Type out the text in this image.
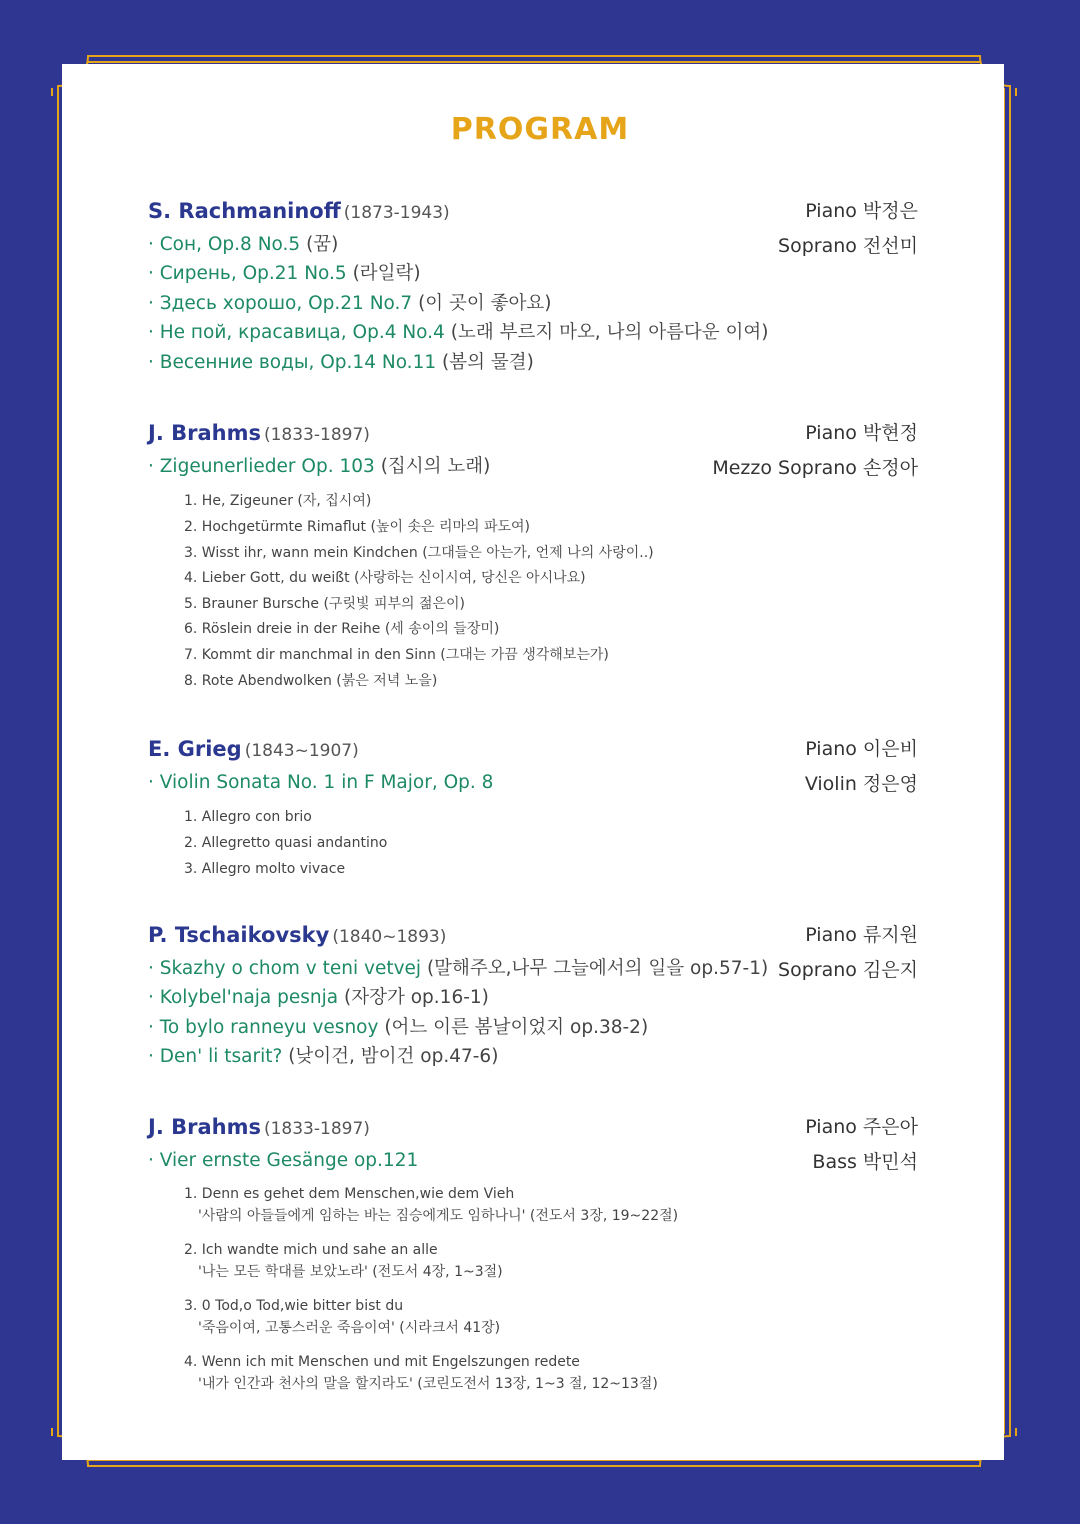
PROGRAM

S. Rachmaninoff (1873-1943)	Piano 박정은
Soprano 전선미
· Сон, Op.8 No.5 (꿈)
· Сирень, Op.21 No.5 (라일락)
· Здесь хорошо, Op.21 No.7 (이 곳이 좋아요)
· Не пой, красавица, Op.4 No.4 (노래 부르지 마오, 나의 아름다운 이여)
· Весенние воды, Op.14 No.11 (봄의 물결)

J. Brahms (1833-1897)	Piano 박현정
Mezzo Soprano 손정아
· Zigeunerlieder Op. 103 (집시의 노래)
1. He, Zigeuner (자, 집시여)
2. Hochgetürmte Rimaflut (높이 솟은 리마의 파도여)
3. Wisst ihr, wann mein Kindchen (그대들은 아는가, 언제 나의 사랑이..)
4. Lieber Gott, du weißt (사랑하는 신이시여, 당신은 아시나요)
5. Brauner Bursche (구릿빛 피부의 젊은이)
6. Röslein dreie in der Reihe (세 송이의 들장미)
7. Kommt dir manchmal in den Sinn (그대는 가끔 생각해보는가)
8. Rote Abendwolken (붉은 저녁 노을)

E. Grieg (1843~1907)	Piano 이은비
Violin 정은영
· Violin Sonata No. 1 in F Major, Op. 8
1. Allegro con brio
2. Allegretto quasi andantino
3. Allegro molto vivace

P. Tschaikovsky (1840~1893)	Piano 류지원
Soprano 김은지
· Skazhy o chom v teni vetvej (말해주오,나무 그늘에서의 일을 op.57-1)
· Kolybel'naja pesnja (자장가 op.16-1)
· To bylo ranneyu vesnoy (어느 이른 봄날이었지 op.38-2)
· Den' li tsarit? (낮이건, 밤이건 op.47-6)

J. Brahms (1833-1897)	Piano 주은아
Bass 박민석
· Vier ernste Gesänge op.121
1. Denn es gehet dem Menschen,wie dem Vieh
'사람의 아들들에게 임하는 바는 짐승에게도 임하나니' (전도서 3장, 19~22절)
2. Ich wandte mich und sahe an alle
'나는 모든 학대를 보았노라' (전도서 4장, 1~3절)
3. 0 Tod,o Tod,wie bitter bist du
'죽음이여, 고통스러운 죽음이여' (시라크서 41장)
4. Wenn ich mit Menschen und mit Engelszungen redete
'내가 인간과 천사의 말을 할지라도' (코린도전서 13장, 1~3 절, 12~13절)
